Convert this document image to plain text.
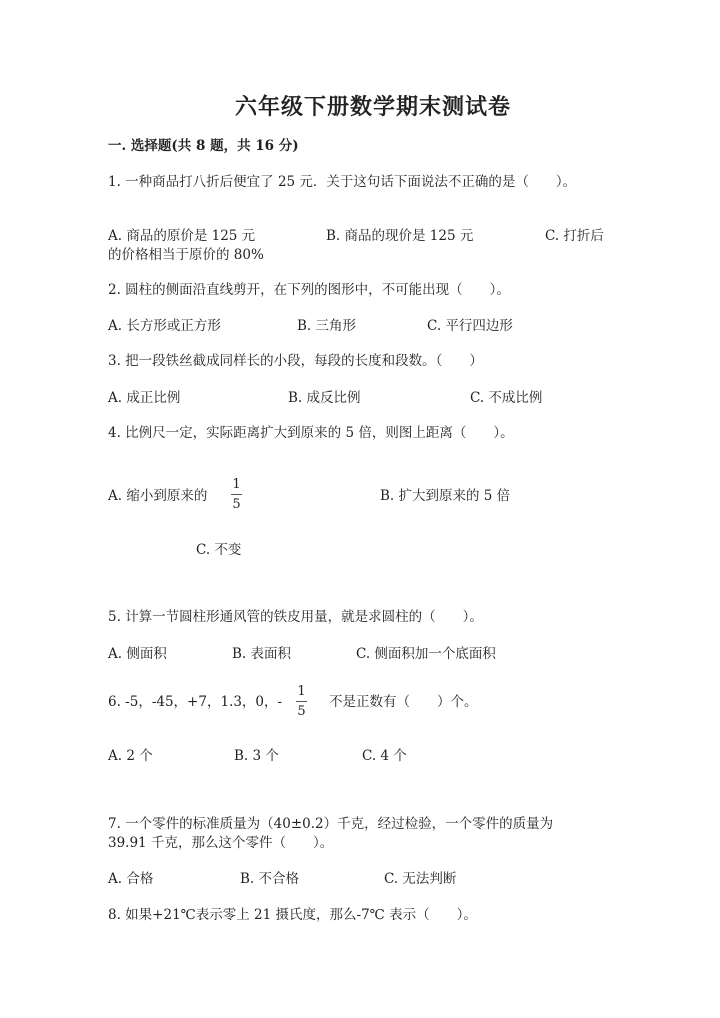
六年级下册数学期末测试卷
一. 选择题(共 8 题，共 16 分)
1. 一种商品打八折后便宜了 25 元．关于这句话下面说法不正确的是（　　）。
A. 商品的原价是 125 元	B. 商品的现价是 125 元	C. 打折后
的价格相当于原价的 80%
2. 圆柱的侧面沿直线剪开，在下列的图形中，不可能出现（　　）。
A. 长方形或正方形	B. 三角形	C. 平行四边形
3. 把一段铁丝截成同样长的小段，每段的长度和段数。（　　）
A. 成正比例	B. 成反比例	C. 不成比例
4. 比例尺一定，实际距离扩大到原来的 5 倍，则图上距离（　　）。
A. 缩小到原来的
1
5
B. 扩大到原来的 5 倍
C. 不变
5. 计算一节圆柱形通风管的铁皮用量，就是求圆柱的（　　）。
A. 侧面积	B. 表面积	C. 侧面积加一个底面积
6. -5，-45，+7，1.3，0，-
1
5
不是正数有（　　）个。
A. 2 个	B. 3 个	C. 4 个
7. 一个零件的标准质量为（40±0.2）千克，经过检验，一个零件的质量为
39.91 千克，那么这个零件（　　）。
A. 合格	B. 不合格	C. 无法判断
8. 如果+21℃表示零上 21 摄氏度，那么-7℃ 表示（　　）。
